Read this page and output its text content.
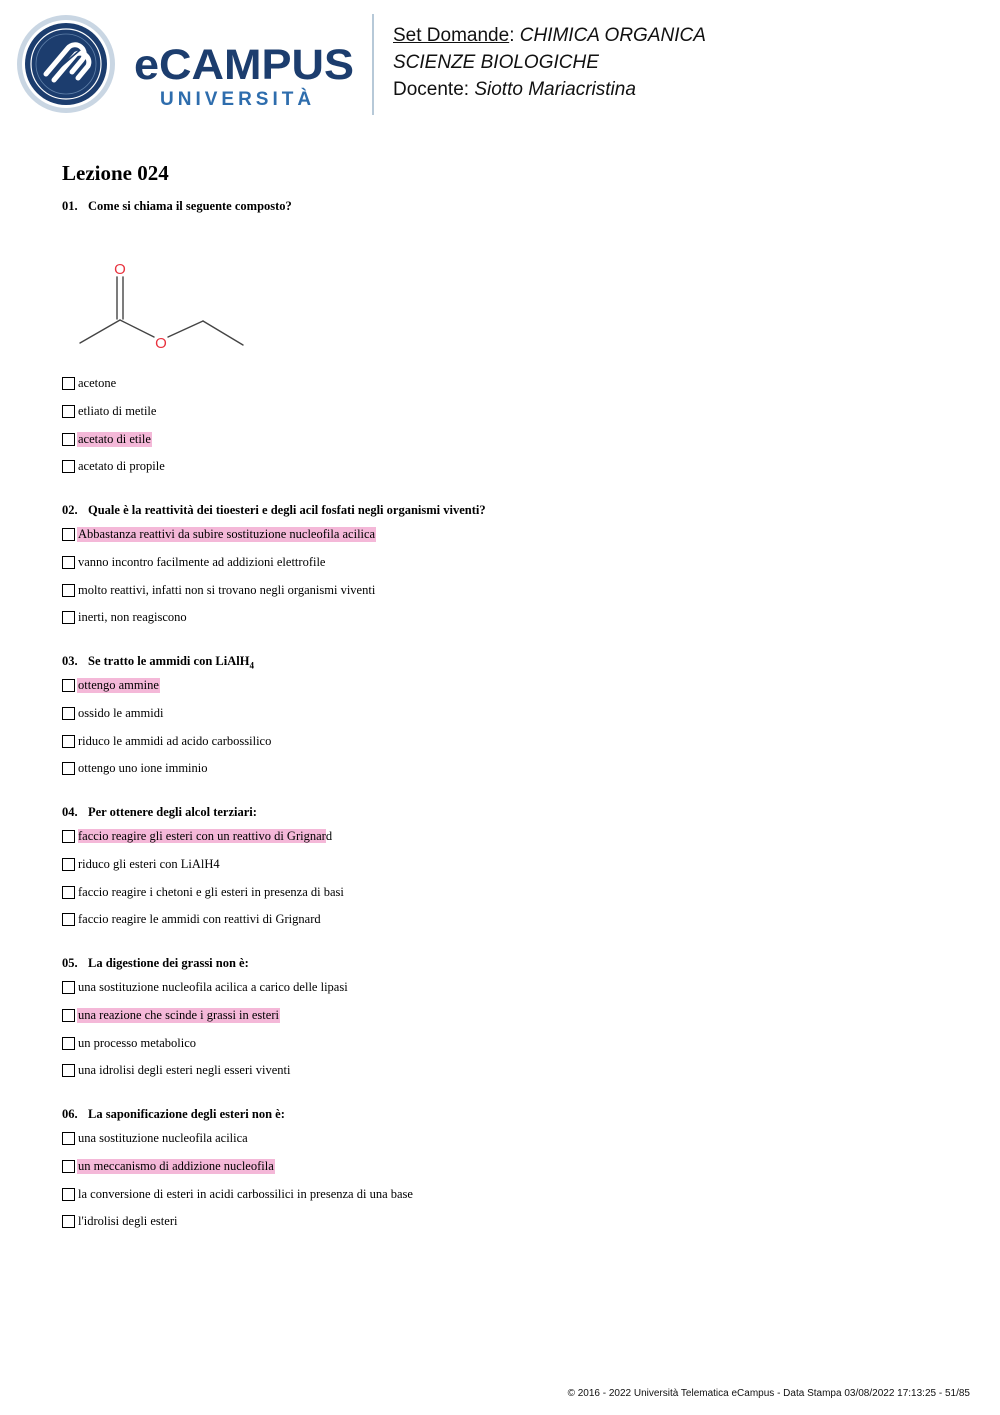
eCAMPUS
UNIVERSITÀ
Set Domande: CHIMICA ORGANICA
SCIENZE BIOLOGICHE
Docente: Siotto Mariacristina
Lezione 024

01. Come si chiama il seguente composto?

O
O
acetone
etliato di metile
acetato di etile
acetato di propile

02. Quale è la reattività dei tioesteri e degli acil fosfati negli organismi viventi?

Abbastanza reattivi da subire sostituzione nucleofila acilica
vanno incontro facilmente ad addizioni elettrofile
molto reattivi, infatti non si trovano negli organismi viventi
inerti, non reagiscono

03. Se tratto le ammidi con LiAlH$_4$

ottengo ammine
ossido le ammidi
riduco le ammidi ad acido carbossilico
ottengo uno ione imminio

04. Per ottenere degli alcol terziari:

faccio reagire gli esteri con un reattivo di Grignard
riduco gli esteri con LiAlH4
faccio reagire i chetoni e gli esteri in presenza di basi
faccio reagire le ammidi con reattivi di Grignard

05. La digestione dei grassi non è:

una sostituzione nucleofila acilica a carico delle lipasi
una reazione che scinde i grassi in esteri
un processo metabolico
una idrolisi degli esteri negli esseri viventi

06. La saponificazione degli esteri non è:

una sostituzione nucleofila acilica
un meccanismo di addizione nucleofila
la conversione di esteri in acidi carbossilici in presenza di una base
l'idrolisi degli esteri
© 2016 - 2022 Università Telematica eCampus - Data Stampa 03/08/2022 17:13:25 - 51/85
